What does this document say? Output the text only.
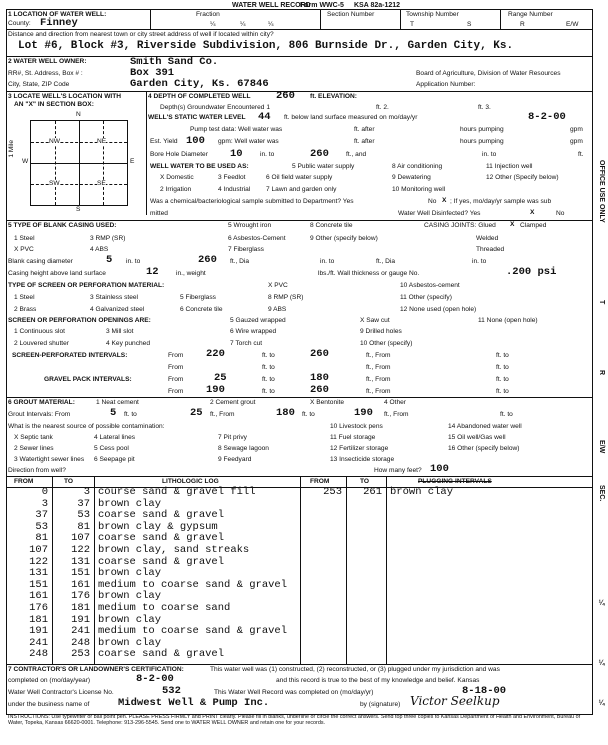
WATER WELL RECORD
Form WWC-5 KSA 82a-1212
1 LOCATION OF WATER WELL:	Fraction
¼	¼	¼
Section Number	Township Number
T	S
Range Number
R	E/W
County: Finney
Distance and direction from nearest town or city street address of well if located within city?
Lot #6, Block #3, Riverside Subdivision, 806 Burnside Dr., Garden City, Ks.
2 WATER WELL OWNER:	Smith Sand Co.
RR#, St. Address, Box # :	Box 391	Board of Agriculture, Division of Water Resources
City, State, ZIP Code	Garden City, Ks. 67846	Application Number:
3 LOCATE WELL'S LOCATION WITH
AN "X" IN SECTION BOX:
N
NW	NE
SW	SE
W	E
S
1 Mile
4 DEPTH OF COMPLETED WELL 260 ft. ELEVATION:
Depth(s) Groundwater Encountered 1	ft. 2.	ft. 3.
WELL'S STATIC WATER LEVEL 44 ft. below land surface measured on mo/day/yr	8-2-00
Pump test data: Well water was	ft. after	hours pumping	gpm
Est. Yield 100 gpm: Well water was	ft. after	hours pumping	gpm
Bore Hole Diameter 10	in. to	260	ft., and	in. to	ft.
WELL WATER TO BE USED AS:
X Domestic	3 Feedlot	6 Oil field water supply	9 Dewatering	12 Other (Specify below)
2 Irrigation	4 Industrial 7 Lawn and garden only	10 Monitoring well
5 Public water supply	8 Air conditioning	11 Injection well
Was a chemical/bacteriological sample submitted to Department? Yes	No X ; If yes, mo/day/yr sample was sub
mitted	Water Well Disinfected? Yes	X	No
5 TYPE OF BLANK CASING USED:
1 Steel	3 RMP (SR)
5 Wrought iron	8 Concrete tile
X PVC	4 ABS
6 Asbestos-Cement	9 Other (specify below)
7 Fiberglass
CASING JOINTS: Glued X Clamped
Welded
Threaded
Blank casing diameter	5 in. to	260 ft., Dia	in. to	ft., Dia	in. to
Casing height above land surface	12	in., weight	lbs./ft. Wall thickness or gauge No.	.200 psi
TYPE OF SCREEN OR PERFORATION MATERIAL:
1 Steel	3 Stainless steel	5 Fiberglass
X PVC	10 Asbestos-cement
2 Brass	4 Galvanized steel	6 Concrete tile
8 RMP (SR)	11 Other (specify)
9 ABS	12 None used (open hole)
SCREEN OR PERFORATION OPENINGS ARE:
1 Continuous slot	3 Mill slot
5 Gauzed wrapped	X Saw cut	11 None (open hole)
2 Louvered shutter	4 Key punched
6 Wire wrapped
7 Torch cut
9 Drilled holes
10 Other (specify)
SCREEN-PERFORATED INTERVALS:	From 220	ft. to	260	ft., From	ft. to
From	ft. to	ft., From	ft. to
GRAVEL PACK INTERVALS:	From	25	ft. to	180	ft., From	ft. to
From 190	ft. to	260	ft., From	ft. to
6 GROUT MATERIAL:	1 Neat cement	2 Cement grout	X Bentonite	4 Other
Grout Intervals: From	5 ft. to	25 ft., From	180 ft. to	190 ft., From	ft. to
What is the nearest source of possible contamination:
X Septic tank	4 Lateral lines	7 Pit privy
10 Livestock pens	14 Abandoned water well
2 Sewer lines	5 Cess pool	8 Sewage lagoon
11 Fuel storage	15 Oil well/Gas well
3 Watertight sewer lines 6 Seepage pit	9 Feedyard
12 Fertilizer storage	16 Other (specify below)
13 Insecticide storage
Direction from well?	How many feet? 100
FROM	TO	LITHOLOGIC LOG	FROM	TO	PLUGGING INTERVALS
0	3	course sand & gravel fill	253	261	brown clay
3	37	brown clay			
37	53	coarse sand & gravel			
53	81	brown clay & gypsum			
81	107	coarse sand & gravel			
107	122	brown clay, sand streaks			
122	131	coarse sand & gravel			
131	151	brown clay			
151	161	medium to coarse sand & gravel			
161	176	brown clay			
176	181	medium to coarse sand			
181	191	brown clay			
191	241	medium to coarse sand & gravel			
241	248	brown clay			
248	253	coarse sand & gravel			
7 CONTRACTOR'S OR LANDOWNER'S CERTIFICATION:	This water well was (1) constructed, (2) reconstructed, or (3) plugged under my jurisdiction and was
completed on (mo/day/year)	8-2-00	and this record is true to the best of my knowledge and belief. Kansas
Water Well Contractor's License No.	532	This Water Well Record was completed on (mo/day/yr)	8-18-00
under the business name of	Midwest Well & Pump Inc.	by (signature) Victor Seelkup
INSTRUCTIONS: Use typewriter or ball point pen. PLEASE PRESS FIRMLY and PRINT clearly. Please fill in blanks, underline or circle the correct answers. Send top three copies to Kansas Department of Health and Environment, Bureau of Water, Topeka, Kansas 66620-0001. Telephone: 913-296-5545. Send one to WATER WELL OWNER and retain one for your records.
OFFICE USE ONLY
T
R
E/W
SEC.
¼
¼
¼
